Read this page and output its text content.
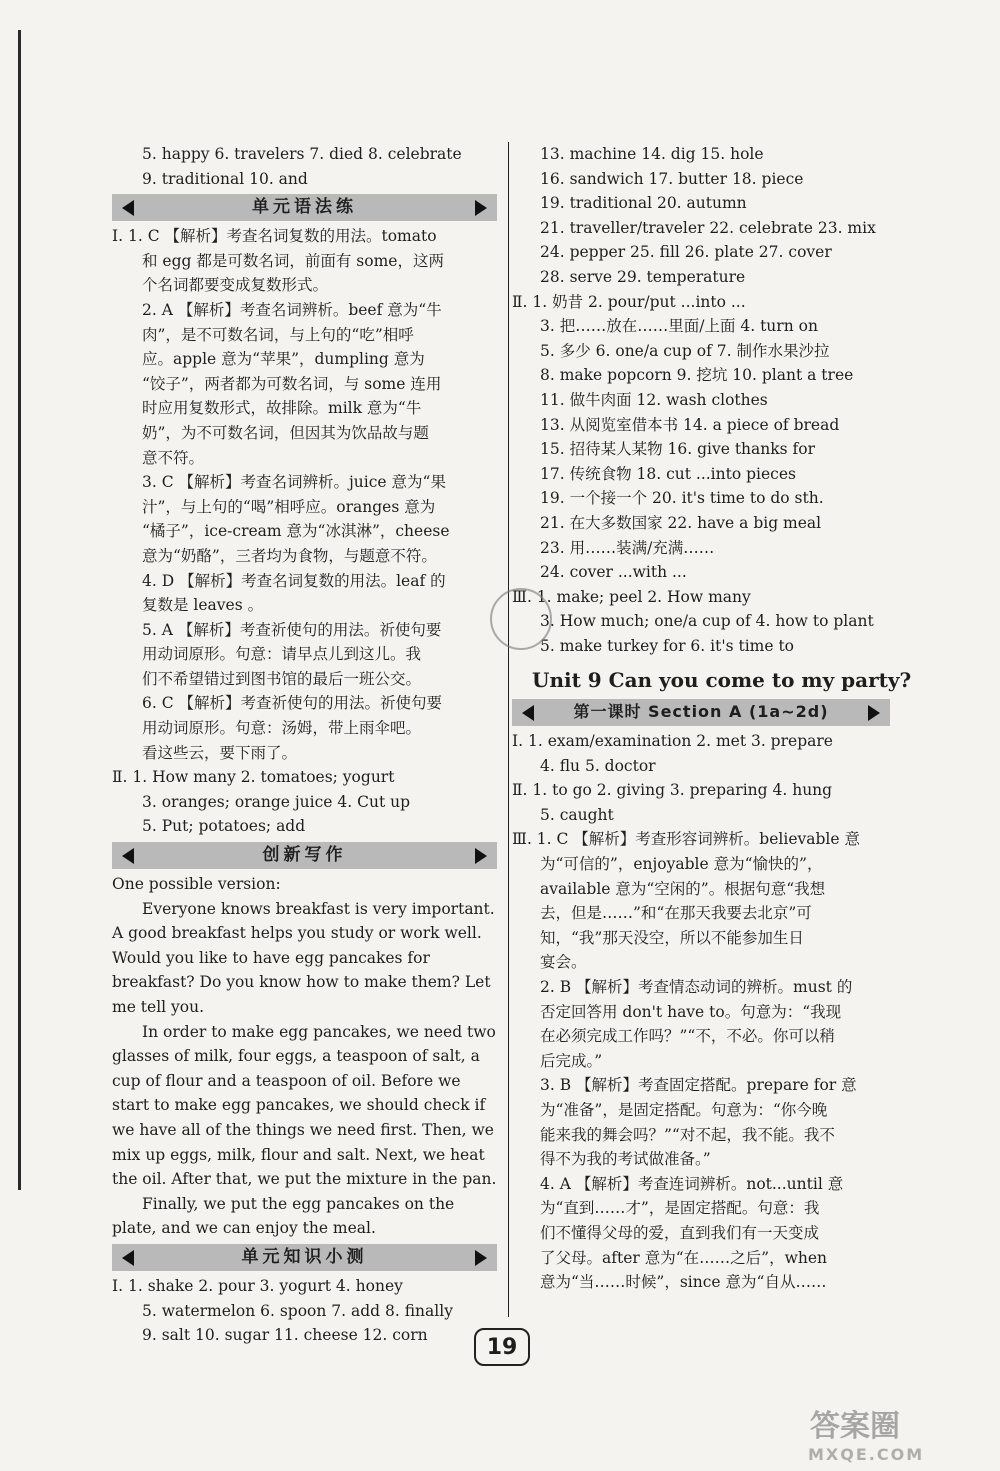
5. happy 6. travelers 7. died 8. celebrate
9. traditional 10. and
单元语法练
Ⅰ. 1. C 【解析】考查名词复数的用法。tomato
和 egg 都是可数名词，前面有 some，这两
个名词都要变成复数形式。
2. A 【解析】考查名词辨析。beef 意为“牛
肉”，是不可数名词，与上句的“吃”相呼
应。apple 意为“苹果”，dumpling 意为
“饺子”，两者都为可数名词，与 some 连用
时应用复数形式，故排除。milk 意为“牛
奶”，为不可数名词，但因其为饮品故与题
意不符。
3. C 【解析】考查名词辨析。juice 意为“果
汁”，与上句的“喝”相呼应。oranges 意为
“橘子”，ice-cream 意为“冰淇淋”，cheese
意为“奶酪”，三者均为食物，与题意不符。
4. D 【解析】考查名词复数的用法。leaf 的
复数是 leaves 。
5. A 【解析】考查祈使句的用法。祈使句要
用动词原形。句意：请早点儿到这儿。我
们不希望错过到图书馆的最后一班公交。
6. C 【解析】考查祈使句的用法。祈使句要
用动词原形。句意：汤姆，带上雨伞吧。
看这些云，要下雨了。
Ⅱ. 1. How many 2. tomatoes; yogurt
3. oranges; orange juice 4. Cut up
5. Put; potatoes; add
创新写作
One possible version:
Everyone knows breakfast is very important. A good breakfast helps you study or work well. Would you like to have egg pancakes for breakfast? Do you know how to make them? Let me tell you.
In order to make egg pancakes, we need two glasses of milk, four eggs, a teaspoon of salt, a cup of flour and a teaspoon of oil. Before we start to make egg pancakes, we should check if we have all of the things we need first. Then, we mix up eggs, milk, flour and salt. Next, we heat the oil. After that, we put the mixture in the pan.
Finally, we put the egg pancakes on the plate, and we can enjoy the meal.
单元知识小测
Ⅰ. 1. shake 2. pour 3. yogurt 4. honey
5. watermelon 6. spoon 7. add 8. finally
9. salt 10. sugar 11. cheese 12. corn
13. machine 14. dig 15. hole
16. sandwich 17. butter 18. piece
19. traditional 20. autumn
21. traveller/traveler 22. celebrate 23. mix
24. pepper 25. fill 26. plate 27. cover
28. serve 29. temperature
Ⅱ. 1. 奶昔 2. pour/put ...into ...
3. 把……放在……里面/上面 4. turn on
5. 多少 6. one/a cup of 7. 制作水果沙拉
8. make popcorn 9. 挖坑 10. plant a tree
11. 做牛肉面 12. wash clothes
13. 从阅览室借本书 14. a piece of bread
15. 招待某人某物 16. give thanks for
17. 传统食物 18. cut ...into pieces
19. 一个接一个 20. it's time to do sth.
21. 在大多数国家 22. have a big meal
23. 用……装满/充满……
24. cover ...with ...
Ⅲ. 1. make; peel 2. How many
3. How much; one/a cup of 4. how to plant
5. make turkey for 6. it's time to
Unit 9 Can you come to my party?
第一课时 Section A (1a~2d)
Ⅰ. 1. exam/examination 2. met 3. prepare
4. flu 5. doctor
Ⅱ. 1. to go 2. giving 3. preparing 4. hung
5. caught
Ⅲ. 1. C 【解析】考查形容词辨析。believable 意
为“可信的”，enjoyable 意为“愉快的”，
available 意为“空闲的”。根据句意“我想
去，但是……”和“在那天我要去北京”可
知，“我”那天没空，所以不能参加生日
宴会。
2. B 【解析】考查情态动词的辨析。must 的
否定回答用 don't have to。句意为：“我现
在必须完成工作吗？”“不，不必。你可以稍
后完成。”
3. B 【解析】考查固定搭配。prepare for 意
为“准备”，是固定搭配。句意为：“你今晚
能来我的舞会吗？”“对不起，我不能。我不
得不为我的考试做准备。”
4. A 【解析】考查连词辨析。not...until 意
为“直到……才”，是固定搭配。句意：我
们不懂得父母的爱，直到我们有一天变成
了父母。after 意为“在……之后”，when
意为“当……时候”，since 意为“自从……
19
答案圈
MXQE.COM
